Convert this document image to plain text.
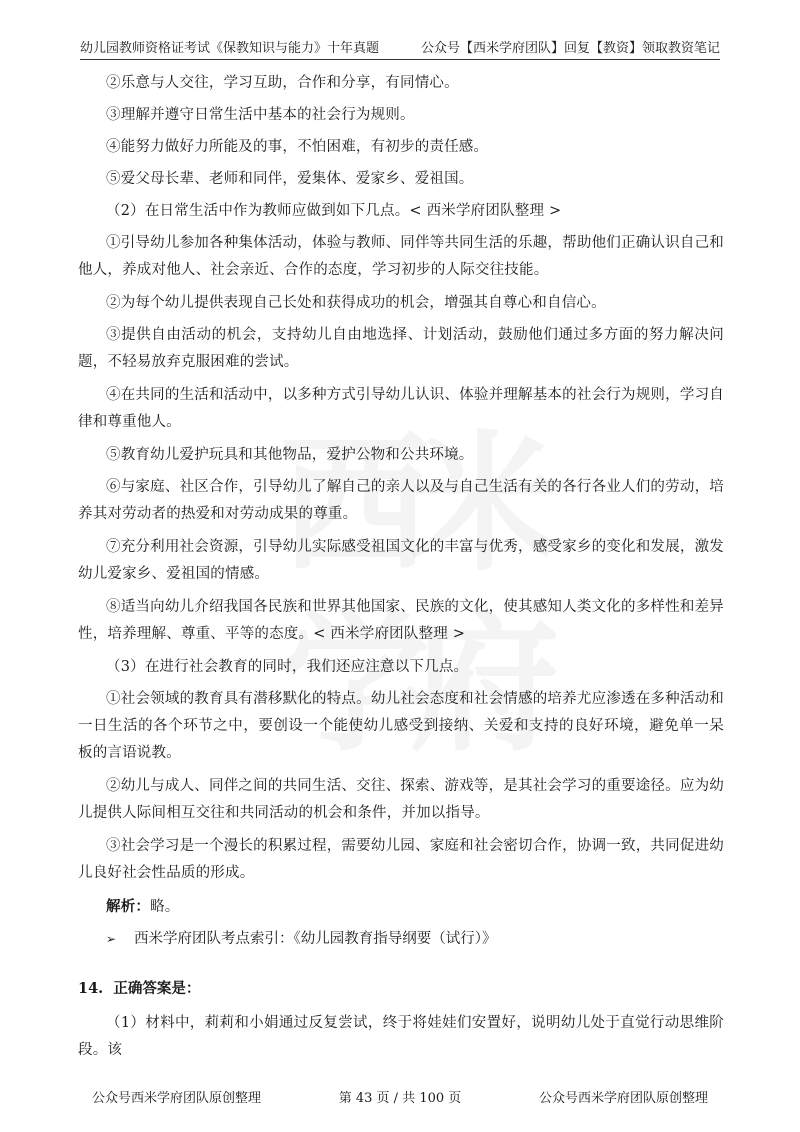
幼儿园教师资格证考试《保教知识与能力》十年真题	公众号【西米学府团队】回复【教资】领取教资笔记

②乐意与人交往，学习互助，合作和分享，有同情心。

③理解并遵守日常生活中基本的社会行为规则。

④能努力做好力所能及的事，不怕困难，有初步的责任感。

⑤爱父母长辈、老师和同伴，爱集体、爱家乡、爱祖国。

（2）在日常生活中作为教师应做到如下几点。< 西米学府团队整理 >

①引导幼儿参加各种集体活动，体验与教师、同伴等共同生活的乐趣，帮助他们正确认识自己和他人，养成对他人、社会亲近、合作的态度，学习初步的人际交往技能。

②为每个幼儿提供表现自己长处和获得成功的机会，增强其自尊心和自信心。

③提供自由活动的机会，支持幼儿自由地选择、计划活动，鼓励他们通过多方面的努力解决问题，不轻易放弃克服困难的尝试。

④在共同的生活和活动中，以多种方式引导幼儿认识、体验并理解基本的社会行为规则，学习自律和尊重他人。

⑤教育幼儿爱护玩具和其他物品，爱护公物和公共环境。

⑥与家庭、社区合作，引导幼儿了解自己的亲人以及与自己生活有关的各行各业人们的劳动，培养其对劳动者的热爱和对劳动成果的尊重。

⑦充分利用社会资源，引导幼儿实际感受祖国文化的丰富与优秀，感受家乡的变化和发展，激发幼儿爱家乡、爱祖国的情感。

⑧适当向幼儿介绍我国各民族和世界其他国家、民族的文化，使其感知人类文化的多样性和差异性，培养理解、尊重、平等的态度。< 西米学府团队整理 >

（3）在进行社会教育的同时，我们还应注意以下几点。

①社会领域的教育具有潜移默化的特点。幼儿社会态度和社会情感的培养尤应渗透在多种活动和一日生活的各个环节之中，要创设一个能使幼儿感受到接纳、关爱和支持的良好环境，避免单一呆板的言语说教。

②幼儿与成人、同伴之间的共同生活、交往、探索、游戏等，是其社会学习的重要途径。应为幼儿提供人际间相互交往和共同活动的机会和条件，并加以指导。

③社会学习是一个漫长的积累过程，需要幼儿园、家庭和社会密切合作，协调一致，共同促进幼儿良好社会性品质的形成。

解析：略。

➢	西米学府团队考点索引：《幼儿园教育指导纲要（试行）》
14. 正确答案是：

（1）材料中，莉莉和小娟通过反复尝试，终于将娃娃们安置好，说明幼儿处于直觉行动思维阶段。该

公众号西米学府团队原创整理	第 43 页 / 共 100 页	公众号西米学府团队原创整理
